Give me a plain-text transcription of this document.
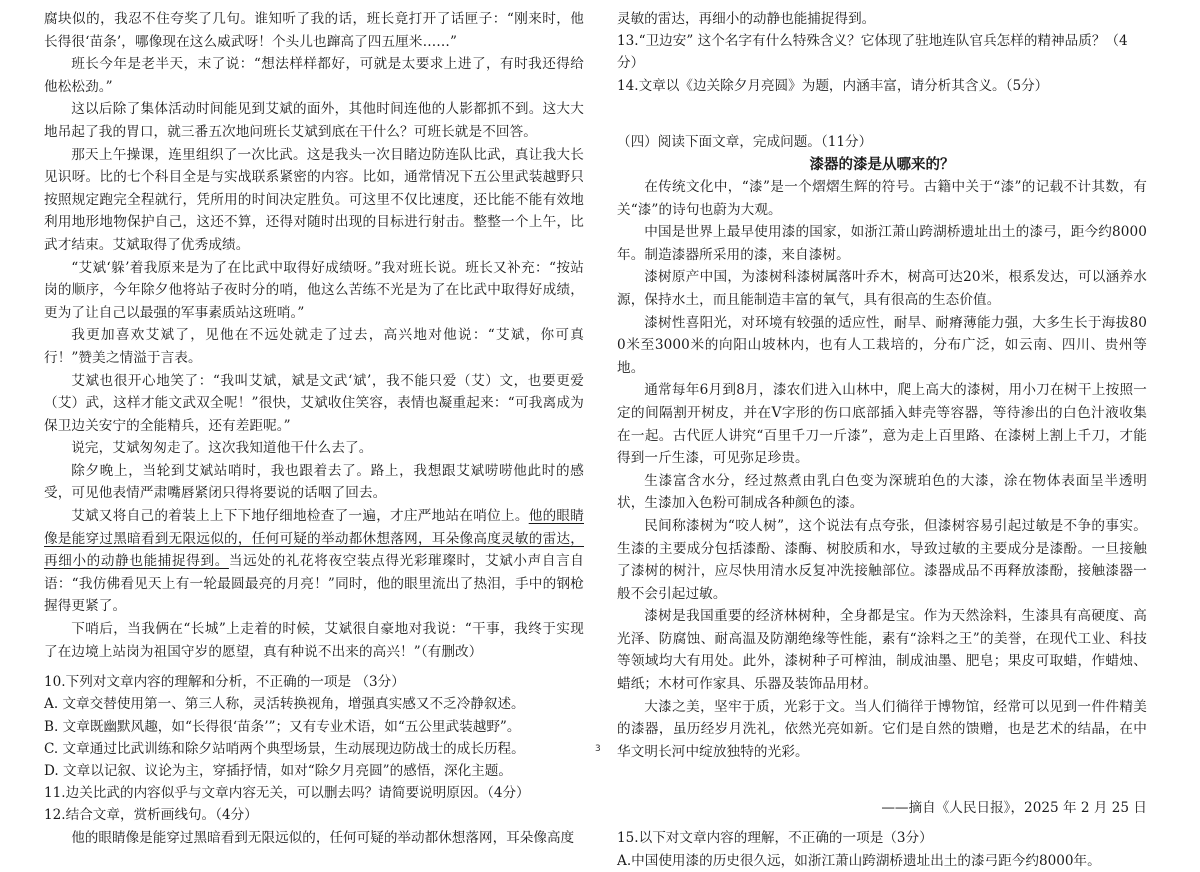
腐块似的，我忍不住夸奖了几句。谁知听了我的话，班长竟打开了话匣子：“刚来时，他长得很‘苗条’，哪像现在这么威武呀！个头儿也蹿高了四五厘米……”

班长今年是老半天，末了说：“想法样样都好，可就是太要求上进了，有时我还得给他松松劲。”

这以后除了集体活动时间能见到艾斌的面外，其他时间连他的人影都抓不到。这大大地吊起了我的胃口，就三番五次地问班长艾斌到底在干什么？可班长就是不回答。

那天上午操课，连里组织了一次比武。这是我头一次目睹边防连队比武，真让我大长见识呀。比的七个科目全是与实战联系紧密的内容。比如，通常情况下五公里武装越野只按照规定跑完全程就行，凭所用的时间决定胜负。可这里不仅比速度，还比能不能有效地利用地形地物保护自己，这还不算，还得对随时出现的目标进行射击。整整一个上午，比武才结束。艾斌取得了优秀成绩。

“艾斌‘躲’着我原来是为了在比武中取得好成绩呀。”我对班长说。班长又补充：“按站岗的顺序，今年除夕他将站子夜时分的哨，他这么苦练不光是为了在比武中取得好成绩，更为了让自己以最强的军事素质站这班哨。”

我更加喜欢艾斌了，见他在不远处就走了过去，高兴地对他说：“艾斌，你可真行！”赞美之情溢于言表。

艾斌也很开心地笑了：“我叫艾斌，斌是文武‘斌’，我不能只爱（艾）文，也要更爱（艾）武，这样才能文武双全呢！”很快，艾斌收住笑容，表情也凝重起来：“可我离成为保卫边关安宁的全能精兵，还有差距呢。”

说完，艾斌匆匆走了。这次我知道他干什么去了。

除夕晚上，当轮到艾斌站哨时，我也跟着去了。路上，我想跟艾斌唠唠他此时的感受，可见他表情严肃嘴唇紧闭只得将要说的话咽了回去。

艾斌又将自己的着装上上下下地仔细地检查了一遍，才庄严地站在哨位上。他的眼睛像是能穿过黑暗看到无限远似的，任何可疑的举动都休想落网，耳朵像高度灵敏的雷达，再细小的动静也能捕捉得到。当远处的礼花将夜空装点得光彩璀璨时，艾斌小声自言自语：“我仿佛看见天上有一轮最圆最亮的月亮！”同时，他的眼里流出了热泪，手中的钢枪握得更紧了。

下哨后，当我俩在“长城”上走着的时候，艾斌很自豪地对我说：“干事，我终于实现了在边境上站岗为祖国守岁的愿望，真有种说不出来的高兴！”（有删改）

10.下列对文章内容的理解和分析，不正确的一项是 （3分）

A. 文章交替使用第一、第三人称，灵活转换视角，增强真实感又不乏冷静叙述。

B. 文章既幽默风趣，如“长得很‘苗条’”；又有专业术语，如“五公里武装越野”。

C. 文章通过比武训练和除夕站哨两个典型场景，生动展现边防战士的成长历程。

D. 文章以记叙、议论为主，穿插抒情，如对“除夕月亮圆”的感悟，深化主题。

11.边关比武的内容似乎与文章内容无关，可以删去吗？请简要说明原因。（4分）

12.结合文章，赏析画线句。（4分）

他的眼睛像是能穿过黑暗看到无限远似的，任何可疑的举动都休想落网，耳朵像高度

灵敏的雷达，再细小的动静也能捕捉得到。

13.“卫边安” 这个名字有什么特殊含义？它体现了驻地连队官兵怎样的精神品质？（4分）

14.文章以《边关除夕月亮圆》为题，内涵丰富，请分析其含义。（5分）

（四）阅读下面文章，完成问题。（11分）

漆器的漆是从哪来的？

在传统文化中，“漆”是一个熠熠生辉的符号。古籍中关于“漆”的记载不计其数，有关“漆”的诗句也蔚为大观。

中国是世界上最早使用漆的国家，如浙江萧山跨湖桥遗址出土的漆弓，距今约8000年。制造漆器所采用的漆，来自漆树。

漆树原产中国，为漆树科漆树属落叶乔木，树高可达20米，根系发达，可以涵养水源，保持水土，而且能制造丰富的氧气，具有很高的生态价值。

漆树性喜阳光，对环境有较强的适应性，耐旱、耐瘠薄能力强，大多生长于海拔800米至3000米的向阳山坡林内，也有人工栽培的，分布广泛，如云南、四川、贵州等地。

通常每年6月到8月，漆农们进入山林中，爬上高大的漆树，用小刀在树干上按照一定的间隔割开树皮，并在V字形的伤口底部插入蚌壳等容器，等待渗出的白色汁液收集在一起。古代匠人讲究“百里千刀一斤漆”，意为走上百里路、在漆树上割上千刀，才能得到一斤生漆，可见弥足珍贵。

生漆富含水分，经过熬煮由乳白色变为深琥珀色的大漆，涂在物体表面呈半透明状，生漆加入色粉可制成各种颜色的漆。

民间称漆树为“咬人树”，这个说法有点夸张，但漆树容易引起过敏是不争的事实。生漆的主要成分包括漆酚、漆酶、树胶质和水，导致过敏的主要成分是漆酚。一旦接触了漆树的树汁，应尽快用清水反复冲洗接触部位。漆器成品不再释放漆酚，接触漆器一般不会引起过敏。

漆树是我国重要的经济林树种，全身都是宝。作为天然涂料，生漆具有高硬度、高光泽、防腐蚀、耐高温及防潮绝缘等性能，素有“涂料之王”的美誉，在现代工业、科技等领域均大有用处。此外，漆树种子可榨油，制成油墨、肥皂；果皮可取蜡，作蜡烛、蜡纸；木材可作家具、乐器及装饰品用材。

大漆之美，坚牢于质，光彩于文。当人们徜徉于博物馆，经常可以见到一件件精美的漆器，虽历经岁月洗礼，依然光亮如新。它们是自然的馈赠，也是艺术的结晶，在中华文明长河中绽放独特的光彩。

——摘自《人民日报》，2025 年 2 月 25 日

15.以下对文章内容的理解，不正确的一项是（3分）

A.中国使用漆的历史很久远，如浙江萧山跨湖桥遗址出土的漆弓距今约8000年。

3
